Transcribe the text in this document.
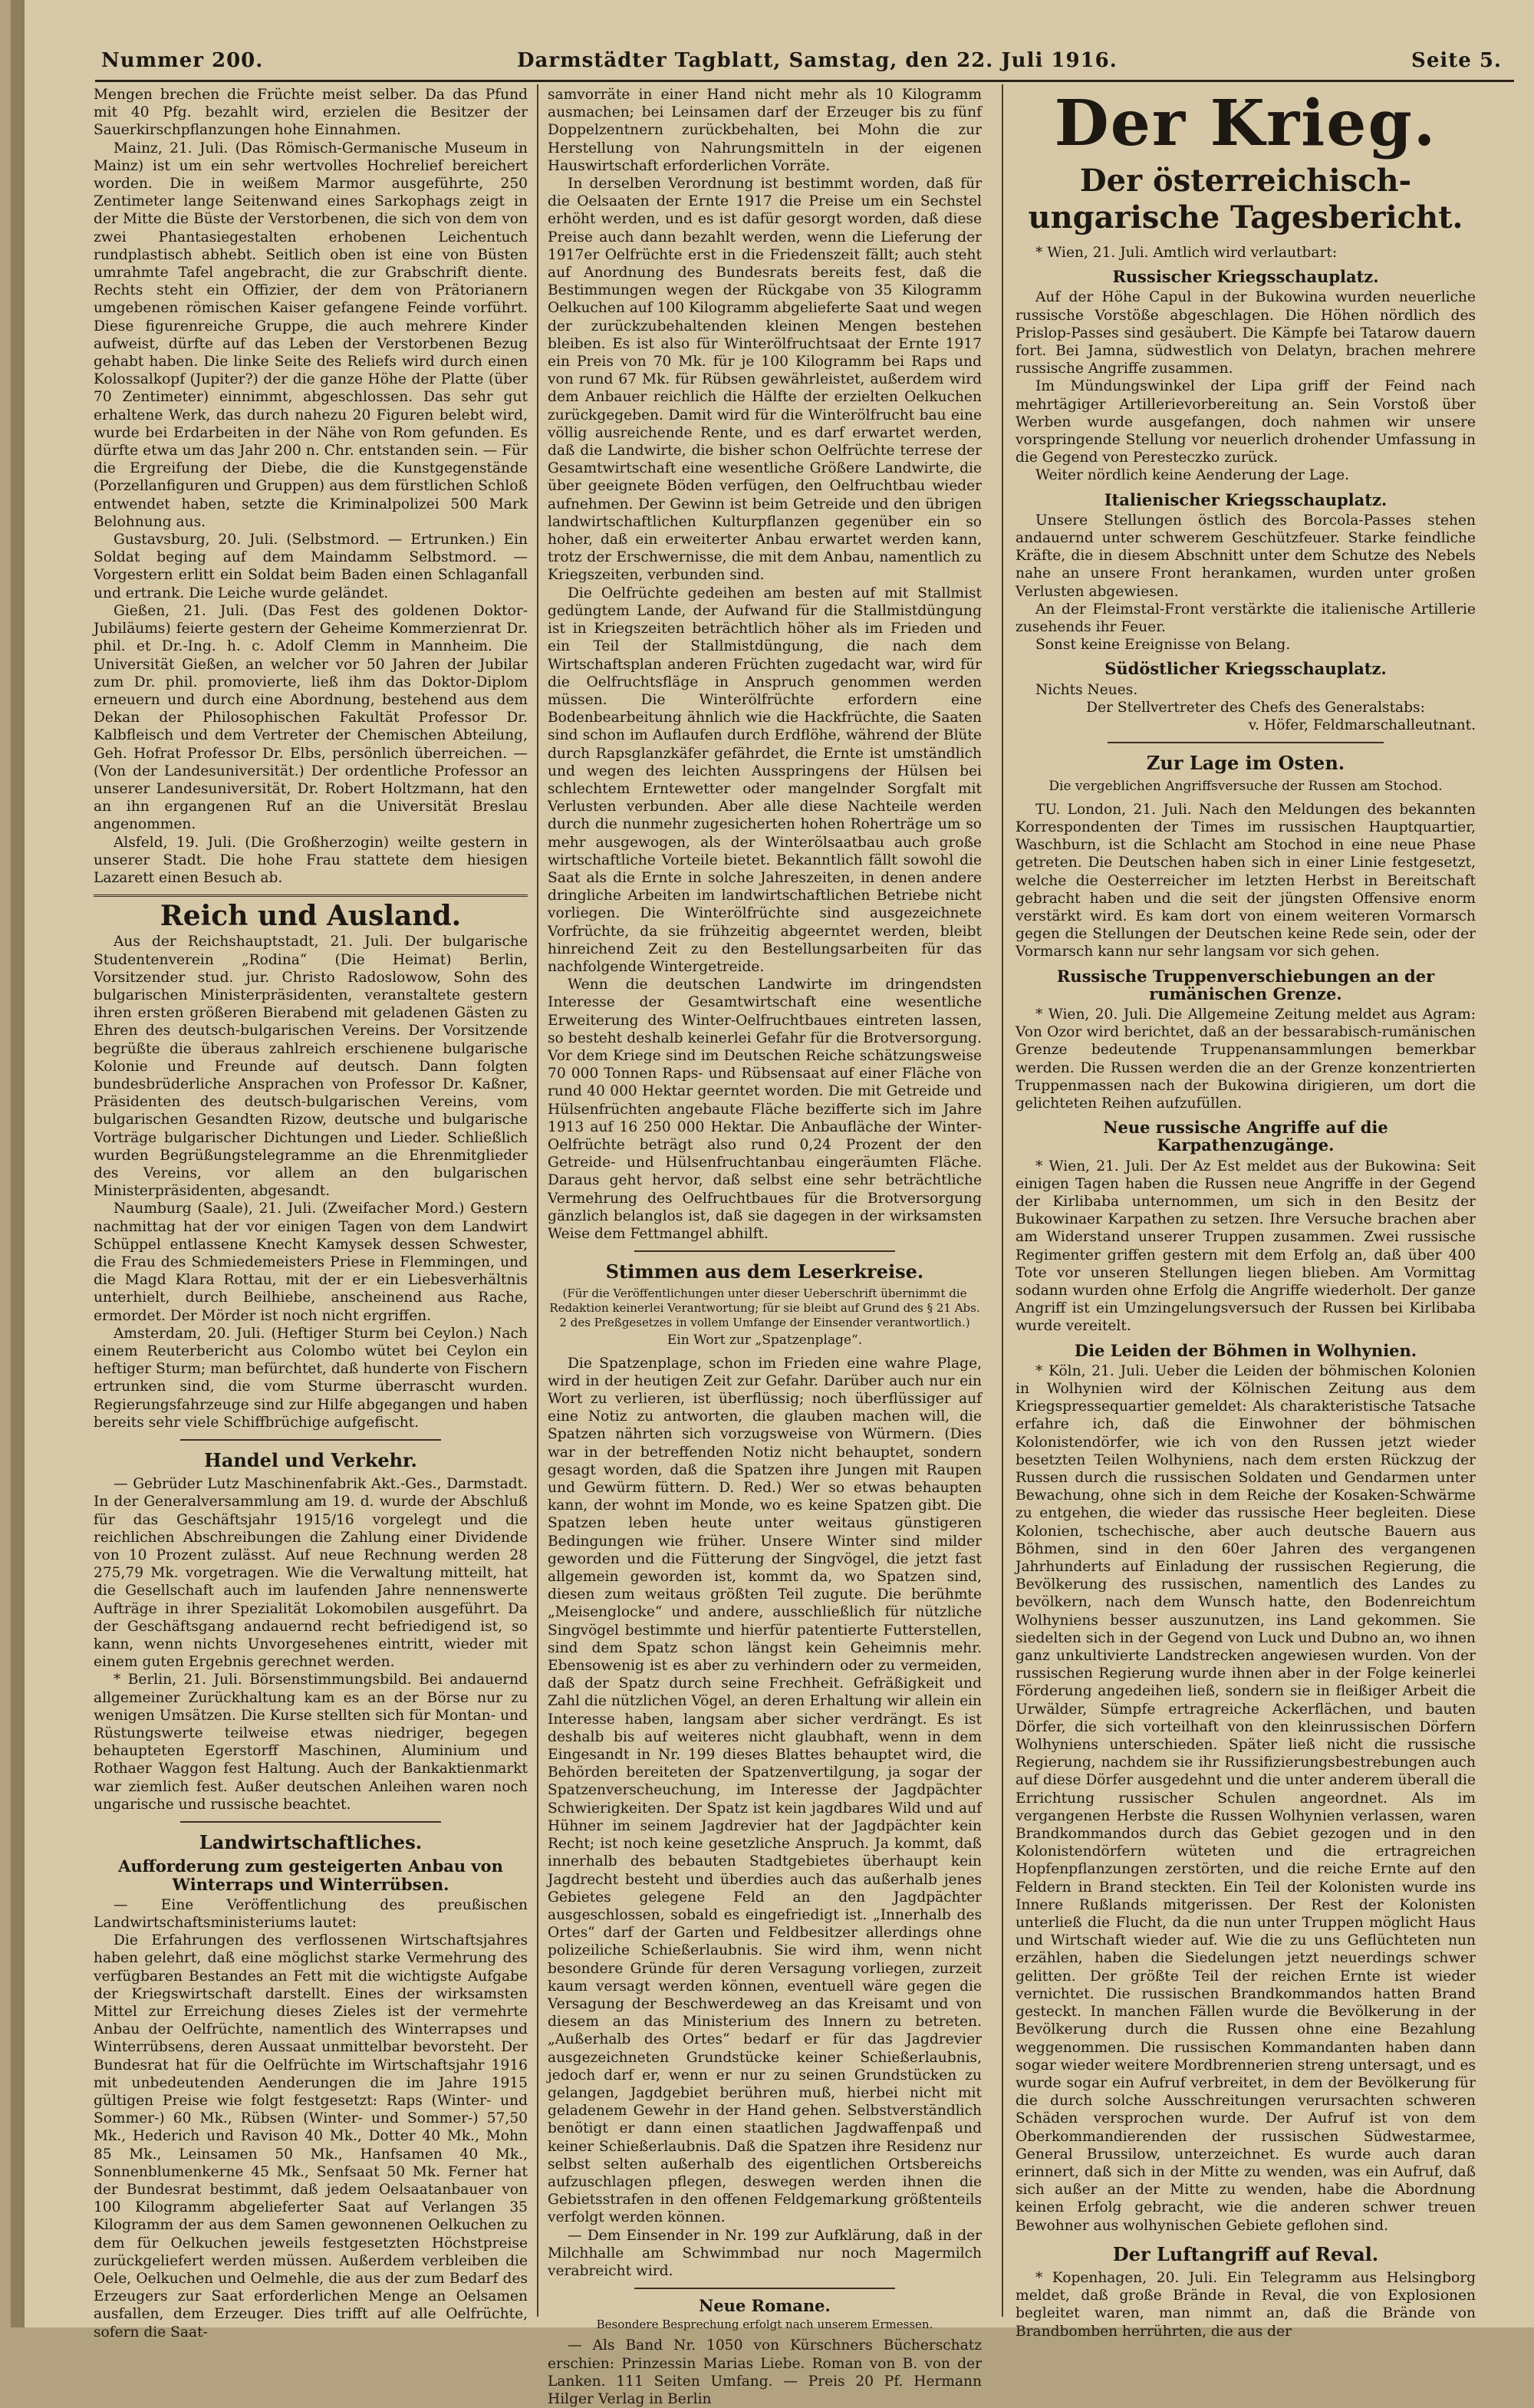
Nummer 200.	Darmstädter Tagblatt, Samstag, den 22. Juli 1916.	Seite 5.

Mengen brechen die Früchte meist selber. Da das Pfund mit 40 Pfg. bezahlt wird, erzielen die Besitzer der Sauerkirschpflanzungen hohe Einnahmen.

Mainz, 21. Juli. (Das Römisch-Germanische Museum in Mainz) ist um ein sehr wertvolles Hochrelief bereichert worden. Die in weißem Marmor ausgeführte, 250 Zentimeter lange Seitenwand eines Sarkophags zeigt in der Mitte die Büste der Verstorbenen, die sich von dem von zwei Phantasiegestalten erhobenen Leichentuch rundplastisch abhebt. Seitlich oben ist eine von Büsten umrahmte Tafel angebracht, die zur Grabschrift diente. Rechts steht ein Offizier, der dem von Prätorianern umgebenen römischen Kaiser gefangene Feinde vorführt. Diese figurenreiche Gruppe, die auch mehrere Kinder aufweist, dürfte auf das Leben der Verstorbenen Bezug gehabt haben. Die linke Seite des Reliefs wird durch einen Kolossalkopf (Jupiter?) der die ganze Höhe der Platte (über 70 Zentimeter) einnimmt, abgeschlossen. Das sehr gut erhaltene Werk, das durch nahezu 20 Figuren belebt wird, wurde bei Erdarbeiten in der Nähe von Rom gefunden. Es dürfte etwa um das Jahr 200 n. Chr. entstanden sein. — Für die Ergreifung der Diebe, die die Kunstgegenstände (Porzellanfiguren und Gruppen) aus dem fürstlichen Schloß entwendet haben, setzte die Kriminalpolizei 500 Mark Belohnung aus.

Gustavsburg, 20. Juli. (Selbstmord. — Ertrunken.) Ein Soldat beging auf dem Maindamm Selbstmord. — Vorgestern erlitt ein Soldat beim Baden einen Schlaganfall und ertrank. Die Leiche wurde geländet.

Gießen, 21. Juli. (Das Fest des goldenen Doktor-Jubiläums) feierte gestern der Geheime Kommerzienrat Dr. phil. et Dr.-Ing. h. c. Adolf Clemm in Mannheim. Die Universität Gießen, an welcher vor 50 Jahren der Jubilar zum Dr. phil. promovierte, ließ ihm das Doktor-Diplom erneuern und durch eine Abordnung, bestehend aus dem Dekan der Philosophischen Fakultät Professor Dr. Kalbfleisch und dem Vertreter der Chemischen Abteilung, Geh. Hofrat Professor Dr. Elbs, persönlich überreichen. — (Von der Landesuniversität.) Der ordentliche Professor an unserer Landesuniversität, Dr. Robert Holtzmann, hat den an ihn ergangenen Ruf an die Universität Breslau angenommen.

Alsfeld, 19. Juli. (Die Großherzogin) weilte gestern in unserer Stadt. Die hohe Frau stattete dem hiesigen Lazarett einen Besuch ab.

Reich und Ausland.

Aus der Reichshauptstadt, 21. Juli. Der bulgarische Studentenverein „Rodina“ (Die Heimat) Berlin, Vorsitzender stud. jur. Christo Radoslowow, Sohn des bulgarischen Ministerpräsidenten, veranstaltete gestern ihren ersten größeren Bierabend mit geladenen Gästen zu Ehren des deutsch-bulgarischen Vereins. Der Vorsitzende begrüßte die überaus zahlreich erschienene bulgarische Kolonie und Freunde auf deutsch. Dann folgten bundesbrüderliche Ansprachen von Professor Dr. Kaßner, Präsidenten des deutsch-bulgarischen Vereins, vom bulgarischen Gesandten Rizow, deutsche und bulgarische Vorträge bulgarischer Dichtungen und Lieder. Schließlich wurden Begrüßungstelegramme an die Ehrenmitglieder des Vereins, vor allem an den bulgarischen Ministerpräsidenten, abgesandt.

Naumburg (Saale), 21. Juli. (Zweifacher Mord.) Gestern nachmittag hat der vor einigen Tagen von dem Landwirt Schüppel entlassene Knecht Kamysek dessen Schwester, die Frau des Schmiedemeisters Priese in Flemmingen, und die Magd Klara Rottau, mit der er ein Liebesverhältnis unterhielt, durch Beilhiebe, anscheinend aus Rache, ermordet. Der Mörder ist noch nicht ergriffen.

Amsterdam, 20. Juli. (Heftiger Sturm bei Ceylon.) Nach einem Reuterbericht aus Colombo wütet bei Ceylon ein heftiger Sturm; man befürchtet, daß hunderte von Fischern ertrunken sind, die vom Sturme überrascht wurden. Regierungsfahrzeuge sind zur Hilfe abgegangen und haben bereits sehr viele Schiffbrüchige aufgefischt.

Handel und Verkehr.

— Gebrüder Lutz Maschinenfabrik Akt.-Ges., Darmstadt. In der Generalversammlung am 19. d. wurde der Abschluß für das Geschäftsjahr 1915/16 vorgelegt und die reichlichen Abschreibungen die Zahlung einer Dividende von 10 Prozent zulässt. Auf neue Rechnung werden 28 275,79 Mk. vorgetragen. Wie die Verwaltung mitteilt, hat die Gesellschaft auch im laufenden Jahre nennenswerte Aufträge in ihrer Spezialität Lokomobilen ausgeführt. Da der Geschäftsgang andauernd recht befriedigend ist, so kann, wenn nichts Unvorgesehenes eintritt, wieder mit einem guten Ergebnis gerechnet werden.

* Berlin, 21. Juli. Börsenstimmungsbild. Bei andauernd allgemeiner Zurückhaltung kam es an der Börse nur zu wenigen Umsätzen. Die Kurse stellten sich für Montan- und Rüstungswerte teilweise etwas niedriger, begegen behaupteten Egerstorff Maschinen, Aluminium und Rothaer Waggon fest Haltung. Auch der Bankaktienmarkt war ziemlich fest. Außer deutschen Anleihen waren noch ungarische und russische beachtet.

Landwirtschaftliches.
Aufforderung zum gesteigerten Anbau von Winterraps und Winterrübsen.

— Eine Veröffentlichung des preußischen Landwirtschaftsministeriums lautet:

Die Erfahrungen des verflossenen Wirtschaftsjahres haben gelehrt, daß eine möglichst starke Vermehrung des verfügbaren Bestandes an Fett mit die wichtigste Aufgabe der Kriegswirtschaft darstellt. Eines der wirksamsten Mittel zur Erreichung dieses Zieles ist der vermehrte Anbau der Oelfrüchte, namentlich des Winterrapses und Winterrübsens, deren Aussaat unmittelbar bevorsteht. Der Bundesrat hat für die Oelfrüchte im Wirtschaftsjahr 1916 mit unbedeutenden Aenderungen die im Jahre 1915 gültigen Preise wie folgt festgesetzt: Raps (Winter- und Sommer-) 60 Mk., Rübsen (Winter- und Sommer-) 57,50 Mk., Hederich und Ravison 40 Mk., Dotter 40 Mk., Mohn 85 Mk., Leinsamen 50 Mk., Hanfsamen 40 Mk., Sonnenblumenkerne 45 Mk., Senfsaat 50 Mk. Ferner hat der Bundesrat bestimmt, daß jedem Oelsaatanbauer von 100 Kilogramm abgelieferter Saat auf Verlangen 35 Kilogramm der aus dem Samen gewonnenen Oelkuchen zu dem für Oelkuchen jeweils festgesetzten Höchstpreise zurückgeliefert werden müssen. Außerdem verbleiben die Oele, Oelkuchen und Oelmehle, die aus der zum Bedarf des Erzeugers zur Saat erforderlichen Menge an Oelsamen ausfallen, dem Erzeuger. Dies trifft auf alle Oelfrüchte, sofern die Saat-

samvorräte in einer Hand nicht mehr als 10 Kilogramm ausmachen; bei Leinsamen darf der Erzeuger bis zu fünf Doppelzentnern zurückbehalten, bei Mohn die zur Herstellung von Nahrungsmitteln in der eigenen Hauswirtschaft erforderlichen Vorräte.

In derselben Verordnung ist bestimmt worden, daß für die Oelsaaten der Ernte 1917 die Preise um ein Sechstel erhöht werden, und es ist dafür gesorgt worden, daß diese Preise auch dann bezahlt werden, wenn die Lieferung der 1917er Oelfrüchte erst in die Friedenszeit fällt; auch steht auf Anordnung des Bundesrats bereits fest, daß die Bestimmungen wegen der Rückgabe von 35 Kilogramm Oelkuchen auf 100 Kilogramm abgelieferte Saat und wegen der zurückzubehaltenden kleinen Mengen bestehen bleiben. Es ist also für Winterölfruchtsaat der Ernte 1917 ein Preis von 70 Mk. für je 100 Kilogramm bei Raps und von rund 67 Mk. für Rübsen gewährleistet, außerdem wird dem Anbauer reichlich die Hälfte der erzielten Oelkuchen zurückgegeben. Damit wird für die Winterölfrucht bau eine völlig ausreichende Rente, und es darf erwartet werden, daß die Landwirte, die bisher schon Oelfrüchte terrese der Gesamtwirtschaft eine wesentliche Größere Landwirte, die über geeignete Böden verfügen, den Oelfruchtbau wieder aufnehmen. Der Gewinn ist beim Getreide und den übrigen landwirtschaftlichen Kulturpflanzen gegenüber ein so hoher, daß ein erweiterter Anbau erwartet werden kann, trotz der Erschwernisse, die mit dem Anbau, namentlich zu Kriegszeiten, verbunden sind.

Die Oelfrüchte gedeihen am besten auf mit Stallmist gedüngtem Lande, der Aufwand für die Stallmistdüngung ist in Kriegszeiten beträchtlich höher als im Frieden und ein Teil der Stallmistdüngung, die nach dem Wirtschaftsplan anderen Früchten zugedacht war, wird für die Oelfruchtsfläge in Anspruch genommen werden müssen. Die Winterölfrüchte erfordern eine Bodenbearbeitung ähnlich wie die Hackfrüchte, die Saaten sind schon im Auflaufen durch Erdflöhe, während der Blüte durch Rapsglanzkäfer gefährdet, die Ernte ist umständlich und wegen des leichten Ausspringens der Hülsen bei schlechtem Erntewetter oder mangelnder Sorgfalt mit Verlusten verbunden. Aber alle diese Nachteile werden durch die nunmehr zugesicherten hohen Roherträge um so mehr ausgewogen, als der Winterölsaatbau auch große wirtschaftliche Vorteile bietet. Bekanntlich fällt sowohl die Saat als die Ernte in solche Jahreszeiten, in denen andere dringliche Arbeiten im landwirtschaftlichen Betriebe nicht vorliegen. Die Winterölfrüchte sind ausgezeichnete Vorfrüchte, da sie frühzeitig abgeerntet werden, bleibt hinreichend Zeit zu den Bestellungsarbeiten für das nachfolgende Wintergetreide.

Wenn die deutschen Landwirte im dringendsten Interesse der Gesamtwirtschaft eine wesentliche Erweiterung des Winter-Oelfruchtbaues eintreten lassen, so besteht deshalb keinerlei Gefahr für die Brotversorgung. Vor dem Kriege sind im Deutschen Reiche schätzungsweise 70 000 Tonnen Raps- und Rübsensaat auf einer Fläche von rund 40 000 Hektar geerntet worden. Die mit Getreide und Hülsenfrüchten angebaute Fläche bezifferte sich im Jahre 1913 auf 16 250 000 Hektar. Die Anbaufläche der Winter-Oelfrüchte beträgt also rund 0,24 Prozent der den Getreide- und Hülsenfruchtanbau eingeräumten Fläche. Daraus geht hervor, daß selbst eine sehr beträchtliche Vermehrung des Oelfruchtbaues für die Brotversorgung gänzlich belanglos ist, daß sie dagegen in der wirksamsten Weise dem Fettmangel abhilft.

Stimmen aus dem Leserkreise.

(Für die Veröffentlichungen unter dieser Ueberschrift übernimmt die Redaktion keinerlei Verantwortung; für sie bleibt auf Grund des § 21 Abs. 2 des Preßgesetzes in vollem Umfange der Einsender verantwortlich.)

Ein Wort zur „Spatzenplage“.

Die Spatzenplage, schon im Frieden eine wahre Plage, wird in der heutigen Zeit zur Gefahr. Darüber auch nur ein Wort zu verlieren, ist überflüssig; noch überflüssiger auf eine Notiz zu antworten, die glauben machen will, die Spatzen nährten sich vorzugsweise von Würmern. (Dies war in der betreffenden Notiz nicht behauptet, sondern gesagt worden, daß die Spatzen ihre Jungen mit Raupen und Gewürm füttern. D. Red.) Wer so etwas behaupten kann, der wohnt im Monde, wo es keine Spatzen gibt. Die Spatzen leben heute unter weitaus günstigeren Bedingungen wie früher. Unsere Winter sind milder geworden und die Fütterung der Singvögel, die jetzt fast allgemein geworden ist, kommt da, wo Spatzen sind, diesen zum weitaus größten Teil zugute. Die berühmte „Meisenglocke“ und andere, ausschließlich für nützliche Singvögel bestimmte und hierfür patentierte Futterstellen, sind dem Spatz schon längst kein Geheimnis mehr. Ebensowenig ist es aber zu verhindern oder zu vermeiden, daß der Spatz durch seine Frechheit. Gefräßigkeit und Zahl die nützlichen Vögel, an deren Erhaltung wir allein ein Interesse haben, langsam aber sicher verdrängt. Es ist deshalb bis auf weiteres nicht glaubhaft, wenn in dem Eingesandt in Nr. 199 dieses Blattes behauptet wird, die Behörden bereiteten der Spatzenvertilgung, ja sogar der Spatzenverscheuchung, im Interesse der Jagdpächter Schwierigkeiten. Der Spatz ist kein jagdbares Wild und auf Hühner im seinem Jagdrevier hat der Jagdpächter kein Recht; ist noch keine gesetzliche Anspruch. Ja kommt, daß innerhalb des bebauten Stadtgebietes überhaupt kein Jagdrecht besteht und überdies auch das außerhalb jenes Gebietes gelegene Feld an den Jagdpächter ausgeschlossen, sobald es eingefriedigt ist. „Innerhalb des Ortes“ darf der Garten und Feldbesitzer allerdings ohne polizeiliche Schießerlaubnis. Sie wird ihm, wenn nicht besondere Gründe für deren Versagung vorliegen, zurzeit kaum versagt werden können, eventuell wäre gegen die Versagung der Beschwerdeweg an das Kreisamt und von diesem an das Ministerium des Innern zu betreten. „Außerhalb des Ortes“ bedarf er für das Jagdrevier ausgezeichneten Grundstücke keiner Schießerlaubnis, jedoch darf er, wenn er nur zu seinen Grundstücken zu gelangen, Jagdgebiet berühren muß, hierbei nicht mit geladenem Gewehr in der Hand gehen. Selbstverständlich benötigt er dann einen staatlichen Jagdwaffenpaß und keiner Schießerlaubnis. Daß die Spatzen ihre Residenz nur selbst selten außerhalb des eigentlichen Ortsbereichs aufzuschlagen pflegen, deswegen werden ihnen die Gebietsstrafen in den offenen Feldgemarkung größtenteils verfolgt werden können.

— Dem Einsender in Nr. 199 zur Aufklärung, daß in der Milchhalle am Schwimmbad nur noch Magermilch verabreicht wird.

Neue Romane.
Besondere Besprechung erfolgt nach unserem Ermessen.

— Als Band Nr. 1050 von Kürschners Bücherschatz erschien: Prinzessin Marias Liebe. Roman von B. von der Lanken. 111 Seiten Umfang. — Preis 20 Pf. Hermann Hilger Verlag in Berlin

Der Krieg.
Der österreichisch-ungarische Tagesbericht.

* Wien, 21. Juli. Amtlich wird verlautbart:

Russischer Kriegsschauplatz.

Auf der Höhe Capul in der Bukowina wurden neuerliche russische Vorstöße abgeschlagen. Die Höhen nördlich des Prislop-Passes sind gesäubert. Die Kämpfe bei Tatarow dauern fort. Bei Jamna, südwestlich von Delatyn, brachen mehrere russische Angriffe zusammen.

Im Mündungswinkel der Lipa griff der Feind nach mehrtägiger Artillerievorbereitung an. Sein Vorstoß über Werben wurde ausgefangen, doch nahmen wir unsere vorspringende Stellung vor neuerlich drohender Umfassung in die Gegend von Peresteczko zurück.

Weiter nördlich keine Aenderung der Lage.

Italienischer Kriegsschauplatz.

Unsere Stellungen östlich des Borcola-Passes stehen andauernd unter schwerem Geschützfeuer. Starke feindliche Kräfte, die in diesem Abschnitt unter dem Schutze des Nebels nahe an unsere Front herankamen, wurden unter großen Verlusten abgewiesen.

An der Fleimstal-Front verstärkte die italienische Artillerie zusehends ihr Feuer.

Sonst keine Ereignisse von Belang.

Südöstlicher Kriegsschauplatz.

Nichts Neues.

Der Stellvertreter des Chefs des Generalstabs:

v. Höfer, Feldmarschalleutnant.

Zur Lage im Osten.
Die vergeblichen Angriffsversuche der Russen am Stochod.

TU. London, 21. Juli. Nach den Meldungen des bekannten Korrespondenten der Times im russischen Hauptquartier, Waschburn, ist die Schlacht am Stochod in eine neue Phase getreten. Die Deutschen haben sich in einer Linie festgesetzt, welche die Oesterreicher im letzten Herbst in Bereitschaft gebracht haben und die seit der jüngsten Offensive enorm verstärkt wird. Es kam dort von einem weiteren Vormarsch gegen die Stellungen der Deutschen keine Rede sein, oder der Vormarsch kann nur sehr langsam vor sich gehen.

Russische Truppenverschiebungen an der rumänischen Grenze.

* Wien, 20. Juli. Die Allgemeine Zeitung meldet aus Agram: Von Ozor wird berichtet, daß an der bessarabisch-rumänischen Grenze bedeutende Truppenansammlungen bemerkbar werden. Die Russen werden die an der Grenze konzentrierten Truppenmassen nach der Bukowina dirigieren, um dort die gelichteten Reihen aufzufüllen.

Neue russische Angriffe auf die Karpathenzugänge.

* Wien, 21. Juli. Der Az Est meldet aus der Bukowina: Seit einigen Tagen haben die Russen neue Angriffe in der Gegend der Kirlibaba unternommen, um sich in den Besitz der Bukowinaer Karpathen zu setzen. Ihre Versuche brachen aber am Widerstand unserer Truppen zusammen. Zwei russische Regimenter griffen gestern mit dem Erfolg an, daß über 400 Tote vor unseren Stellungen liegen blieben. Am Vormittag sodann wurden ohne Erfolg die Angriffe wiederholt. Der ganze Angriff ist ein Umzingelungsversuch der Russen bei Kirlibaba wurde vereitelt.

Die Leiden der Böhmen in Wolhynien.

* Köln, 21. Juli. Ueber die Leiden der böhmischen Kolonien in Wolhynien wird der Kölnischen Zeitung aus dem Kriegspressequartier gemeldet: Als charakteristische Tatsache erfahre ich, daß die Einwohner der böhmischen Kolonistendörfer, wie ich von den Russen jetzt wieder besetzten Teilen Wolhyniens, nach dem ersten Rückzug der Russen durch die russischen Soldaten und Gendarmen unter Bewachung, ohne sich in dem Reiche der Kosaken-Schwärme zu entgehen, die wieder das russische Heer begleiten. Diese Kolonien, tschechische, aber auch deutsche Bauern aus Böhmen, sind in den 60er Jahren des vergangenen Jahrhunderts auf Einladung der russischen Regierung, die Bevölkerung des russischen, namentlich des Landes zu bevölkern, nach dem Wunsch hatte, den Bodenreichtum Wolhyniens besser auszunutzen, ins Land gekommen. Sie siedelten sich in der Gegend von Luck und Dubno an, wo ihnen ganz unkultivierte Landstrecken angewiesen wurden. Von der russischen Regierung wurde ihnen aber in der Folge keinerlei Förderung angedeihen ließ, sondern sie in fleißiger Arbeit die Urwälder, Sümpfe ertragreiche Ackerflächen, und bauten Dörfer, die sich vorteilhaft von den kleinrussischen Dörfern Wolhyniens unterschieden. Später ließ nicht die russische Regierung, nachdem sie ihr Russifizierungsbestrebungen auch auf diese Dörfer ausgedehnt und die unter anderem überall die Errichtung russischer Schulen angeordnet. Als im vergangenen Herbste die Russen Wolhynien verlassen, waren Brandkommandos durch das Gebiet gezogen und in den Kolonistendörfern wüteten und die ertragreichen Hopfenpflanzungen zerstörten, und die reiche Ernte auf den Feldern in Brand steckten. Ein Teil der Kolonisten wurde ins Innere Rußlands mitgerissen. Der Rest der Kolonisten unterließ die Flucht, da die nun unter Truppen möglicht Haus und Wirtschaft wieder auf. Wie die zu uns Geflüchteten nun erzählen, haben die Siedelungen jetzt neuerdings schwer gelitten. Der größte Teil der reichen Ernte ist wieder vernichtet. Die russischen Brandkommandos hatten Brand gesteckt. In manchen Fällen wurde die Bevölkerung in der Bevölkerung durch die Russen ohne eine Bezahlung weggenommen. Die russischen Kommandanten haben dann sogar wieder weitere Mordbrennerien streng untersagt, und es wurde sogar ein Aufruf verbreitet, in dem der Bevölkerung für die durch solche Ausschreitungen verursachten schweren Schäden versprochen wurde. Der Aufruf ist von dem Oberkommandierenden der russischen Südwestarmee, General Brussilow, unterzeichnet. Es wurde auch daran erinnert, daß sich in der Mitte zu wenden, was ein Aufruf, daß sich außer an der Mitte zu wenden, habe die Abordnung keinen Erfolg gebracht, wie die anderen schwer treuen Bewohner aus wolhynischen Gebiete geflohen sind.

Der Luftangriff auf Reval.

* Kopenhagen, 20. Juli. Ein Telegramm aus Helsingborg meldet, daß große Brände in Reval, die von Explosionen begleitet waren, man nimmt an, daß die Brände von Brandbomben herrührten, die aus der
